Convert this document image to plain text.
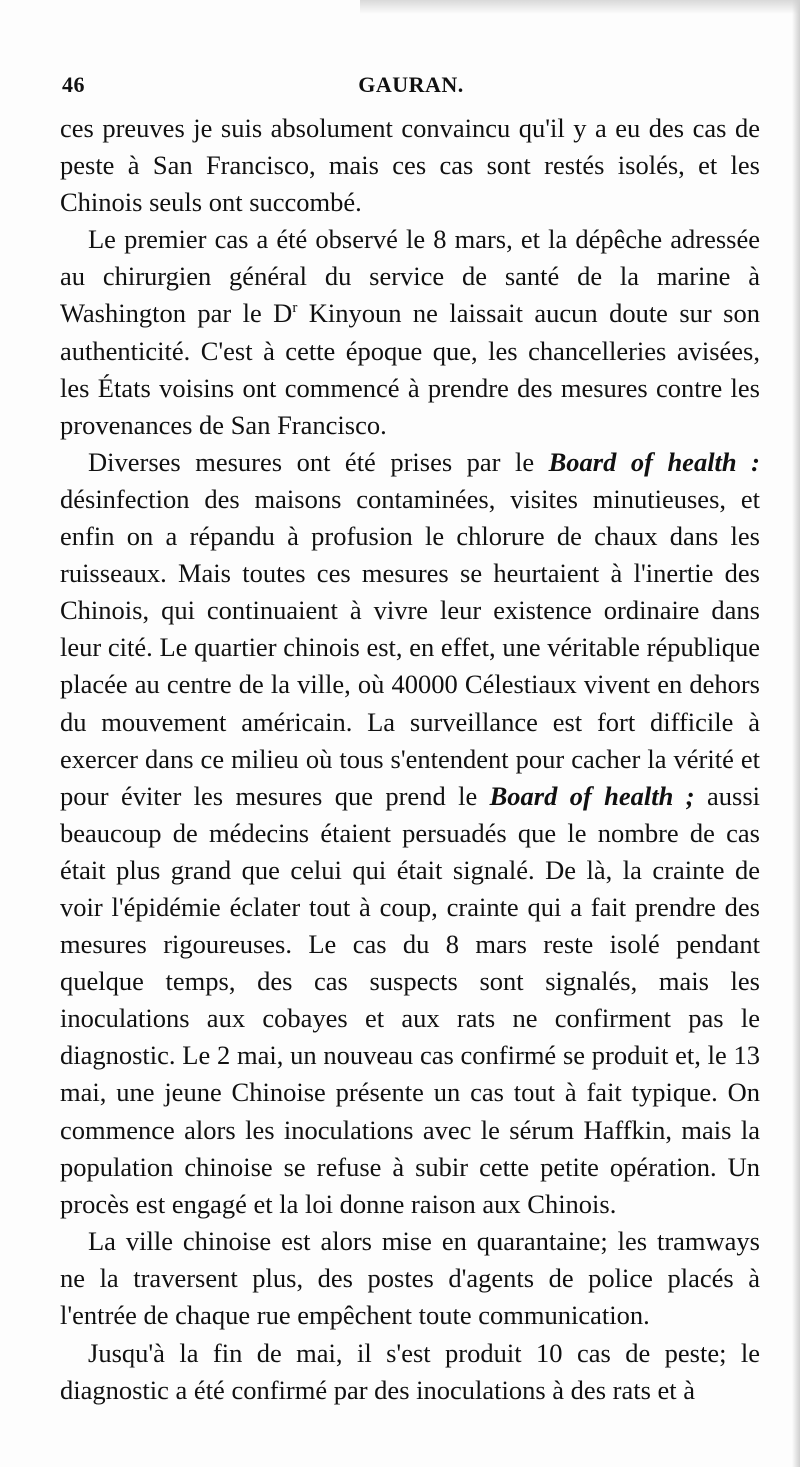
46	GAURAN.

ces preuves je suis absolument convaincu qu'il y a eu des cas de peste à San Francisco, mais ces cas sont restés isolés, et les Chinois seuls ont succombé.

Le premier cas a été observé le 8 mars, et la dépêche adressée au chirurgien général du service de santé de la marine à Washington par le $D^r$ Kinyoun ne laissait aucun doute sur son authenticité. C'est à cette époque que, les chancelleries avisées, les États voisins ont commencé à prendre des mesures contre les provenances de San Francisco.

Diverses mesures ont été prises par le Board of health : désinfection des maisons contaminées, visites minutieuses, et enfin on a répandu à profusion le chlorure de chaux dans les ruisseaux. Mais toutes ces mesures se heurtaient à l'inertie des Chinois, qui continuaient à vivre leur existence ordinaire dans leur cité. Le quartier chinois est, en effet, une véritable république placée au centre de la ville, où 40000 Célestiaux vivent en dehors du mouvement américain. La surveillance est fort difficile à exercer dans ce milieu où tous s'entendent pour cacher la vérité et pour éviter les mesures que prend le Board of health ; aussi beaucoup de médecins étaient persuadés que le nombre de cas était plus grand que celui qui était signalé. De là, la crainte de voir l'épidémie éclater tout à coup, crainte qui a fait prendre des mesures rigoureuses. Le cas du 8 mars reste isolé pendant quelque temps, des cas suspects sont signalés, mais les inoculations aux cobayes et aux rats ne confirment pas le diagnostic. Le 2 mai, un nouveau cas confirmé se produit et, le 13 mai, une jeune Chinoise présente un cas tout à fait typique. On commence alors les inoculations avec le sérum Haffkin, mais la population chinoise se refuse à subir cette petite opération. Un procès est engagé et la loi donne raison aux Chinois.

La ville chinoise est alors mise en quarantaine; les tramways ne la traversent plus, des postes d'agents de police placés à l'entrée de chaque rue empêchent toute communication.

Jusqu'à la fin de mai, il s'est produit 10 cas de peste; le diagnostic a été confirmé par des inoculations à des rats et à
